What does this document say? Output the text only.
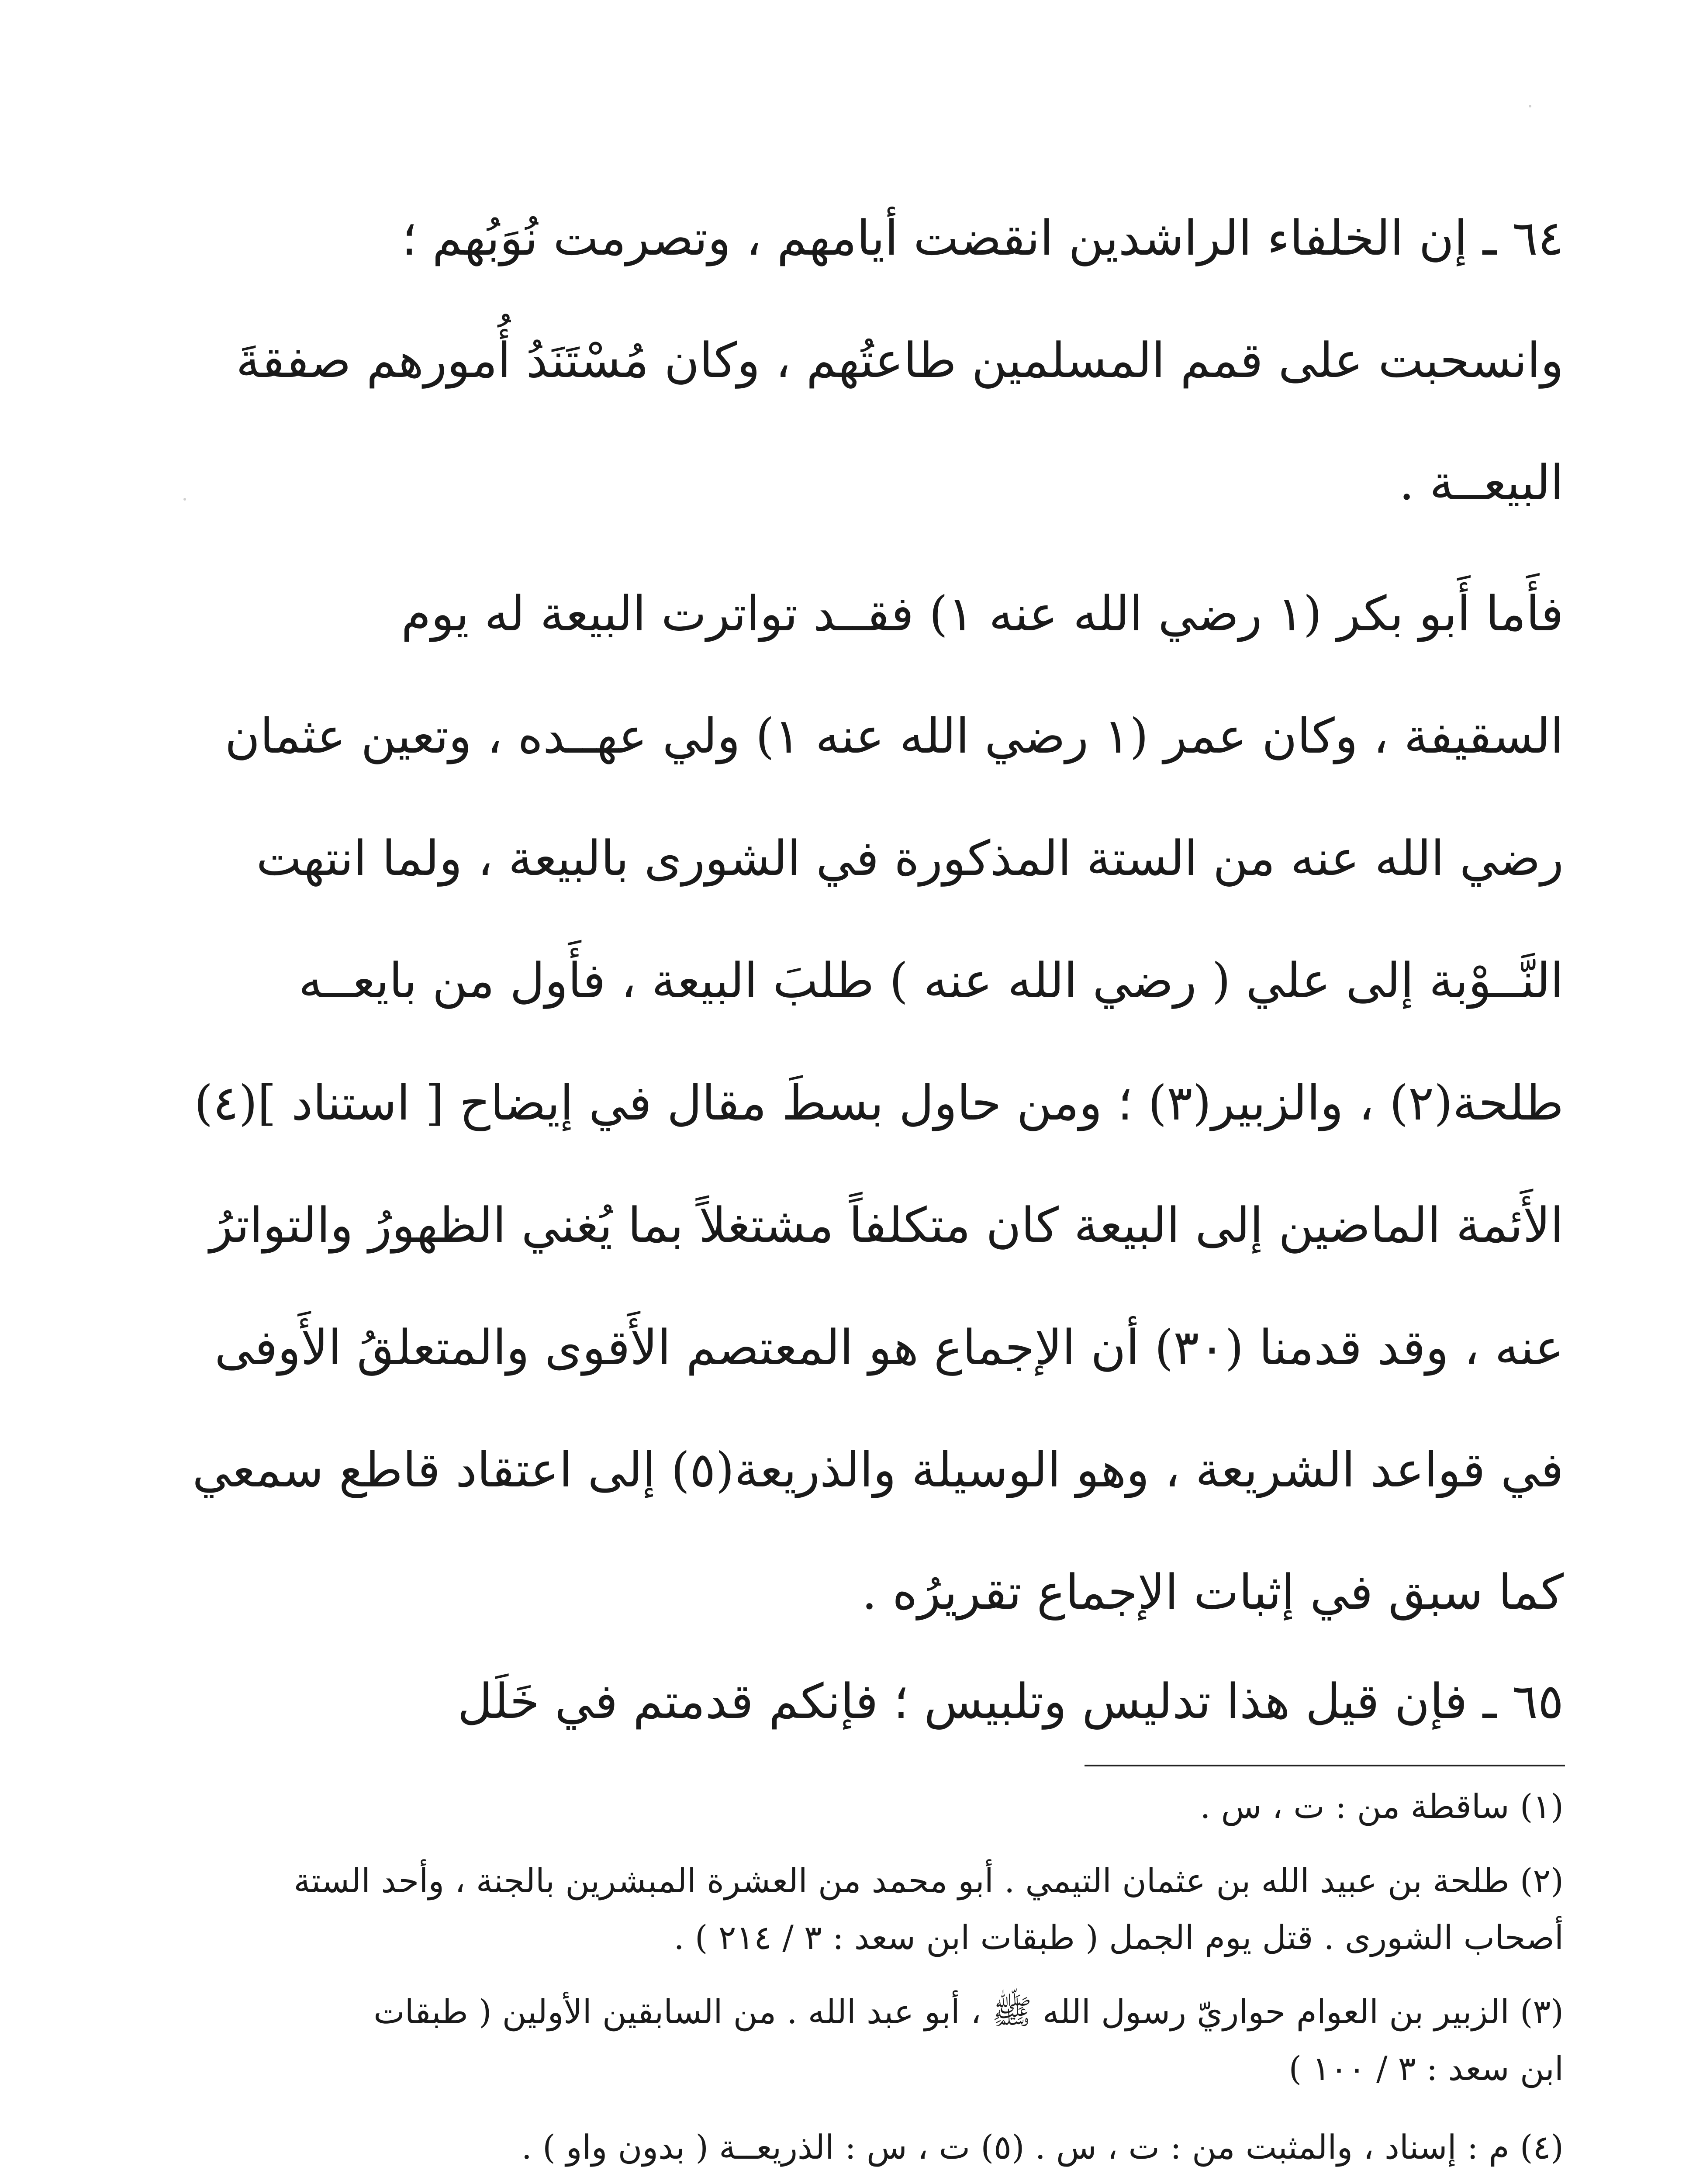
٦٤ ـ إن الخلفاء الراشدين انقضت أيامهم ، وتصرمت نُوَبُهم ؛
وانسحبت على قمم المسلمين طاعتُهم ، وكان مُسْتَنَدُ أُمورهم صفقةَ
البيعــة .
فأَما أَبو بكر (١ رضي الله عنه ١) فقــد تواترت البيعة له يوم
السقيفة ، وكان عمر (١ رضي الله عنه ١) ولي عهــده ، وتعين عثمان
رضي الله عنه من الستة المذكورة في الشورى بالبيعة ، ولما انتهت
النَّــوْبة إلى علي ( رضي الله عنه ) طلبَ البيعة ، فأَول من بايعــه
طلحة(٢) ، والزبير(٣) ؛ ومن حاول بسطَ مقال في إيضاح [ استناد ](٤)
الأَئمة الماضين إلى البيعة كان متكلفاً مشتغلاً بما يُغني الظهورُ والتواترُ
عنه ، وقد قدمنا (٣٠) أن الإجماع هو المعتصم الأَقوى والمتعلقُ الأَوفى
في قواعد الشريعة ، وهو الوسيلة والذريعة(٥) إلى اعتقاد قاطع سمعي
كما سبق في إثبات الإجماع تقريرُه .
٦٥ ـ فإن قيل هذا تدليس وتلبيس ؛ فإنكم قدمتم في خَلَل
(١) ساقطة من : ت ، س .
(٢) طلحة بن عبيد الله بن عثمان التيمي . أبو محمد من العشرة المبشرين بالجنة ، وأحد الستة
أصحاب الشورى . قتل يوم الجمل ( طبقات ابن سعد : ٣ / ٢١٤ ) .
(٣) الزبير بن العوام حواريّ رسول الله ﷺ ، أبو عبد الله . من السابقين الأولين ( طبقات
ابن سعد : ٣ / ١٠٠ )
(٤) م : إسناد ، والمثبت من : ت ، س . (٥) ت ، س : الذريعــة ( بدون واو ) .
